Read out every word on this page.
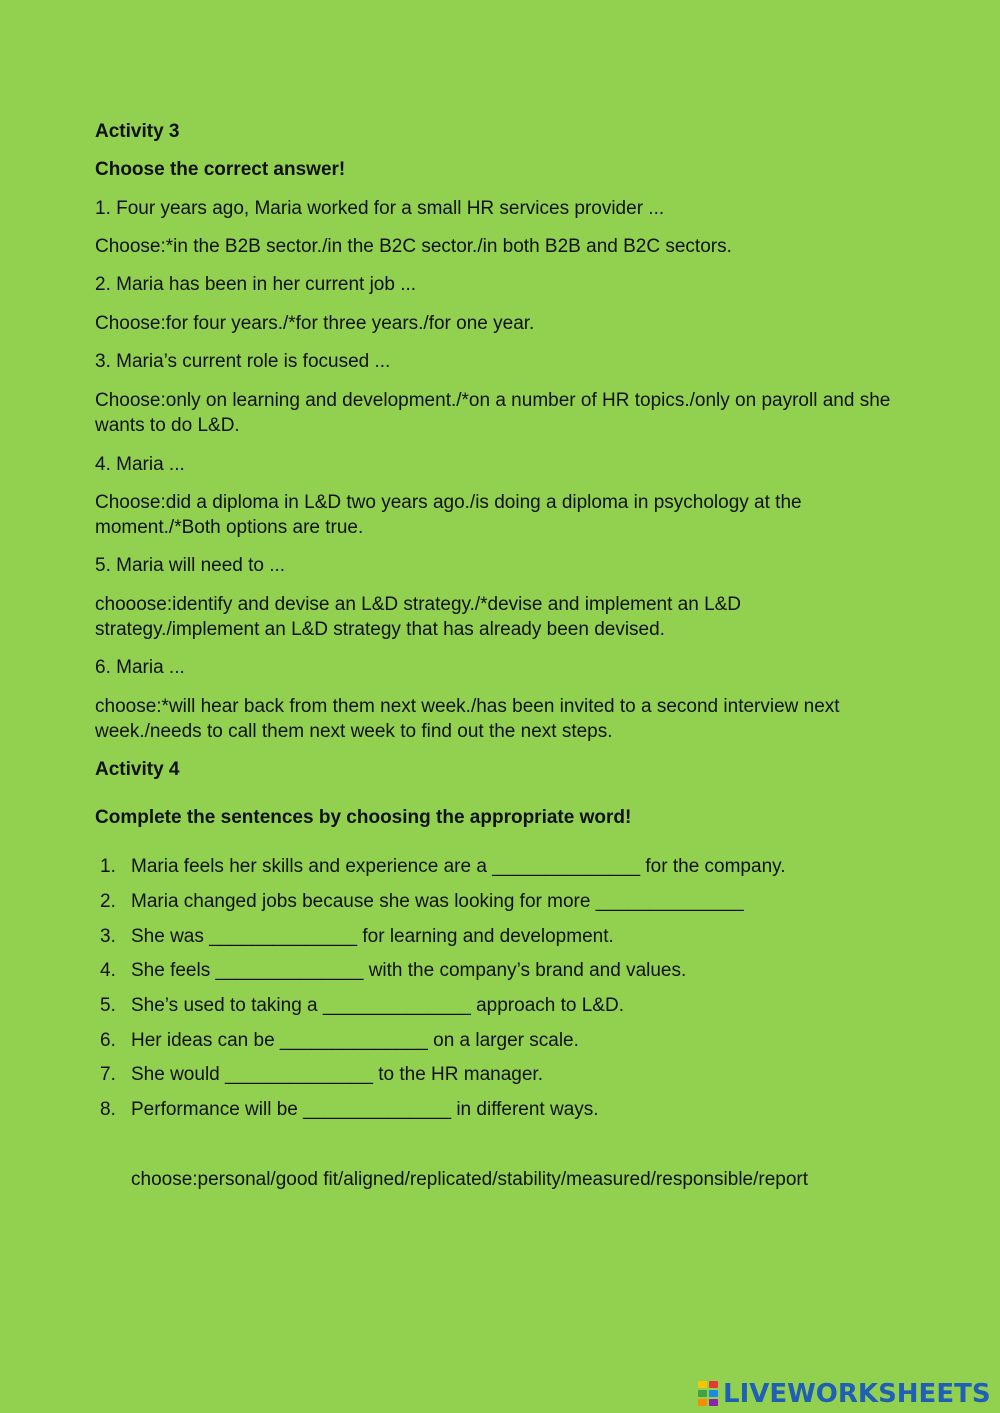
Activity 3
Choose the correct answer!
1. Four years ago, Maria worked for a small HR services provider ...
Choose:*in the B2B sector./in the B2C sector./in both B2B and B2C sectors.
2. Maria has been in her current job ...
Choose:for four years./*for three years./for one year.
3. Maria’s current role is focused ...
Choose:only on learning and development./*on a number of HR topics./only on payroll and she wants to do L&D.
4. Maria ...
Choose:did a diploma in L&D two years ago./is doing a diploma in psychology at the moment./*Both options are true.
5. Maria will need to ...
chooose:identify and devise an L&D strategy./*devise and implement an L&D strategy./implement an L&D strategy that has already been devised.
6. Maria ...
choose:*will hear back from them next week./has been invited to a second interview next week./needs to call them next week to find out the next steps.
Activity 4
Complete the sentences by choosing the appropriate word!
1. Maria feels her skills and experience are a ______________ for the company.
2. Maria changed jobs because she was looking for more ______________
3. She was ______________ for learning and development.
4. She feels ______________ with the company’s brand and values.
5. She’s used to taking a ______________ approach to L&D.
6. Her ideas can be ______________ on a larger scale.
7. She would ______________ to the HR manager.
8. Performance will be ______________ in different ways.
choose:personal/good fit/aligned/replicated/stability/measured/responsible/report
LIVEWORKSHEETS
